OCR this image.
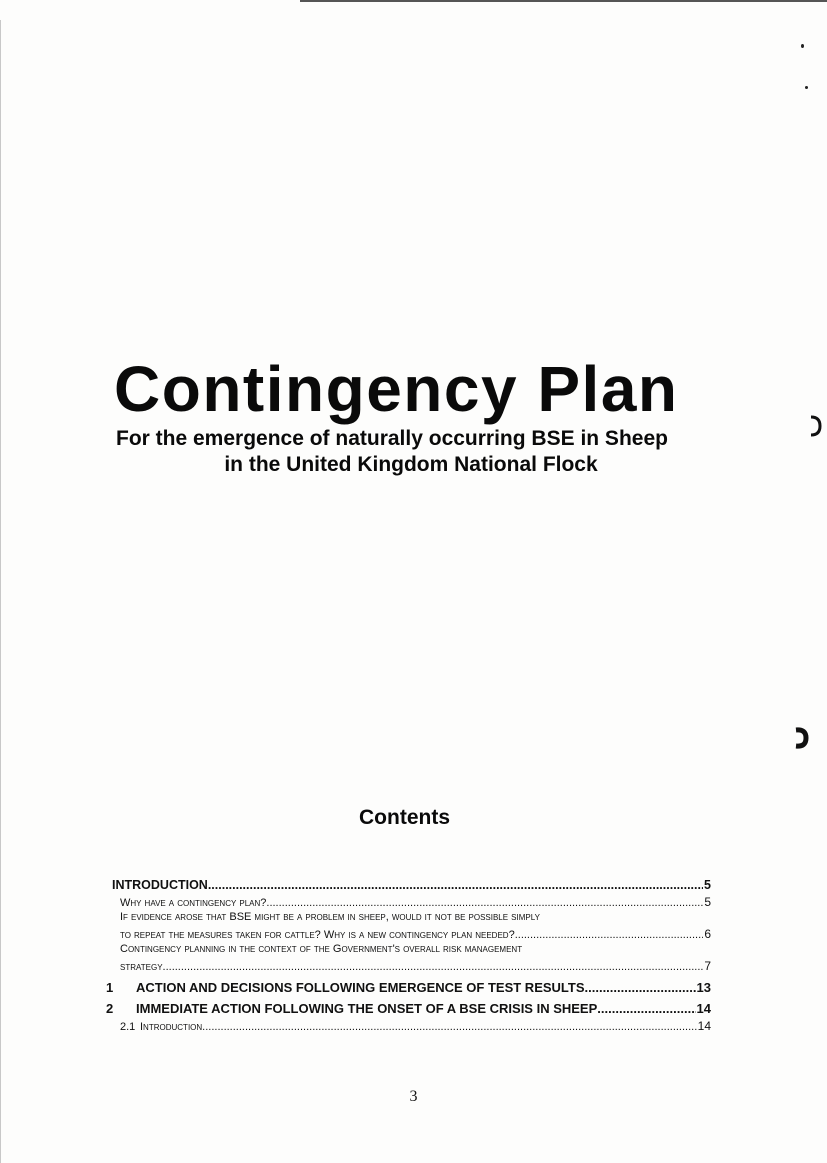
Contingency Plan
For the emergence of naturally occurring BSE in Sheep
in the United Kingdom National Flock
Contents
INTRODUCTION .....	5
Why have a contingency plan? .....	5
If evidence arose that BSE might be a problem in sheep, would it not be possible simply
to repeat the measures taken for cattle? Why is a new contingency plan needed? .....	6
Contingency planning in the context of the Government's overall risk management
strategy .....	7
1	ACTION AND DECISIONS FOLLOWING EMERGENCE OF TEST RESULTS .....	13
2	IMMEDIATE ACTION FOLLOWING THE ONSET OF A BSE CRISIS IN SHEEP .....	14
2.1 Introduction .....	14
3
